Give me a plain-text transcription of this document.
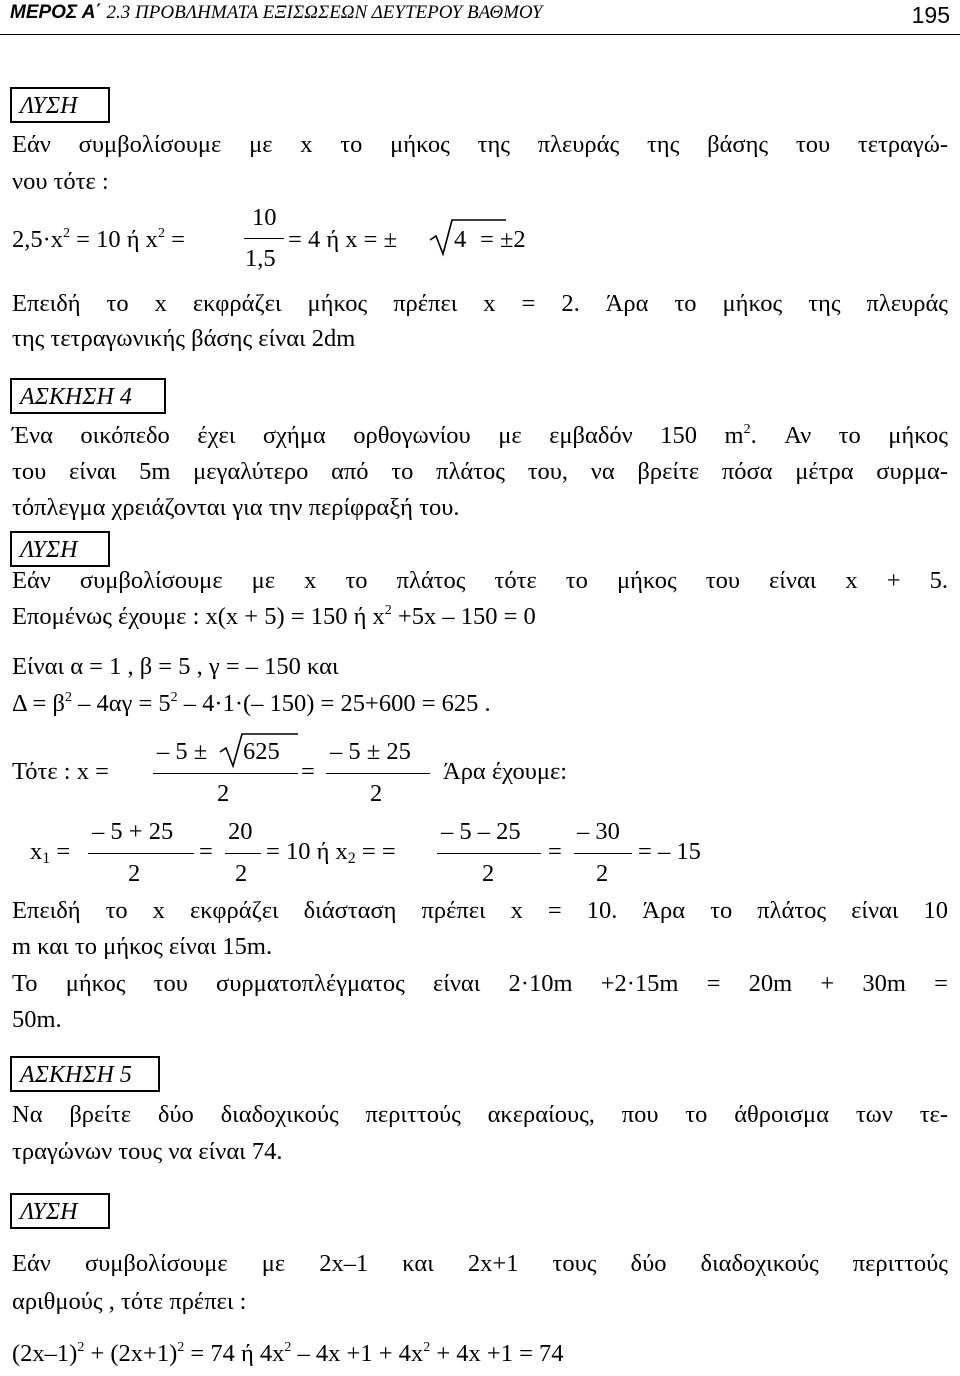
ΜΕΡΟΣ Α΄ 2.3 ΠΡΟΒΛΗΜΑΤΑ ΕΞΙΣΩΣΕΩΝ ΔΕΥΤΕΡΟΥ ΒΑΘΜΟΥ	195
ΛΥΣΗ
Εάν συμβολίσουμε με x το μήκος της πλευράς της βάσης του τετραγώ-
νου τότε :
$2,5\cdot x^2 = 10$ ή $x^2$ =
10
1,5
= 4 ή x = ± 4 = ±2
Επειδή το x εκφράζει μήκος πρέπει x = 2. Άρα το μήκος της πλευράς
της τετραγωνικής βάσης είναι 2dm
ΑΣΚΗΣΗ 4
Ένα οικόπεδο έχει σχήμα ορθογωνίου με εμβαδόν 150 $m^2$. Αν το μήκος
του είναι 5m μεγαλύτερο από το πλάτος του, να βρείτε πόσα μέτρα συρμα-
τόπλεγμα χρειάζονται για την περίφραξή του.
ΛΥΣΗ
Εάν συμβολίσουμε με x το πλάτος τότε το μήκος του είναι x + 5.
Επομένως έχουμε : x(x + 5) = 150 ή $x^2 +5x - 150 = 0$
Είναι α = 1 , β = 5 , γ = – 150 και
$\Delta = \beta^2 - 4\alpha\gamma = 5^2 - 4\cdot 1\cdot(-$ 150) = 25+600 = 625 .
Τότε : x =
– 5 ± 625
2
=
– 5 ± 25
2
Άρα έχουμε:
$x_1$ =
– 5 + 25
2
=
20
2
= 10 ή $x_2$ = =
– 5 – 25
2
=
– 30
2
= – 15
Επειδή το x εκφράζει διάσταση πρέπει x = 10. Άρα το πλάτος είναι 10
m και το μήκος είναι 15m.
Το μήκος του συρματοπλέγματος είναι 2·10m +2·15m = 20m + 30m =
50m.
ΑΣΚΗΣΗ 5
Να βρείτε δύο διαδοχικούς περιττούς ακεραίους, που το άθροισμα των τε-
τραγώνων τους να είναι 74.
ΛΥΣΗ
Εάν συμβολίσουμε με 2x–1 και 2x+1 τους δύο διαδοχικούς περιττούς
αριθμούς , τότε πρέπει :
$(2x-1)^2 + (2x+1)^2 = 74$ ή $4x^2 - 4x +1 + 4x^2 + 4x +1 = 74$
